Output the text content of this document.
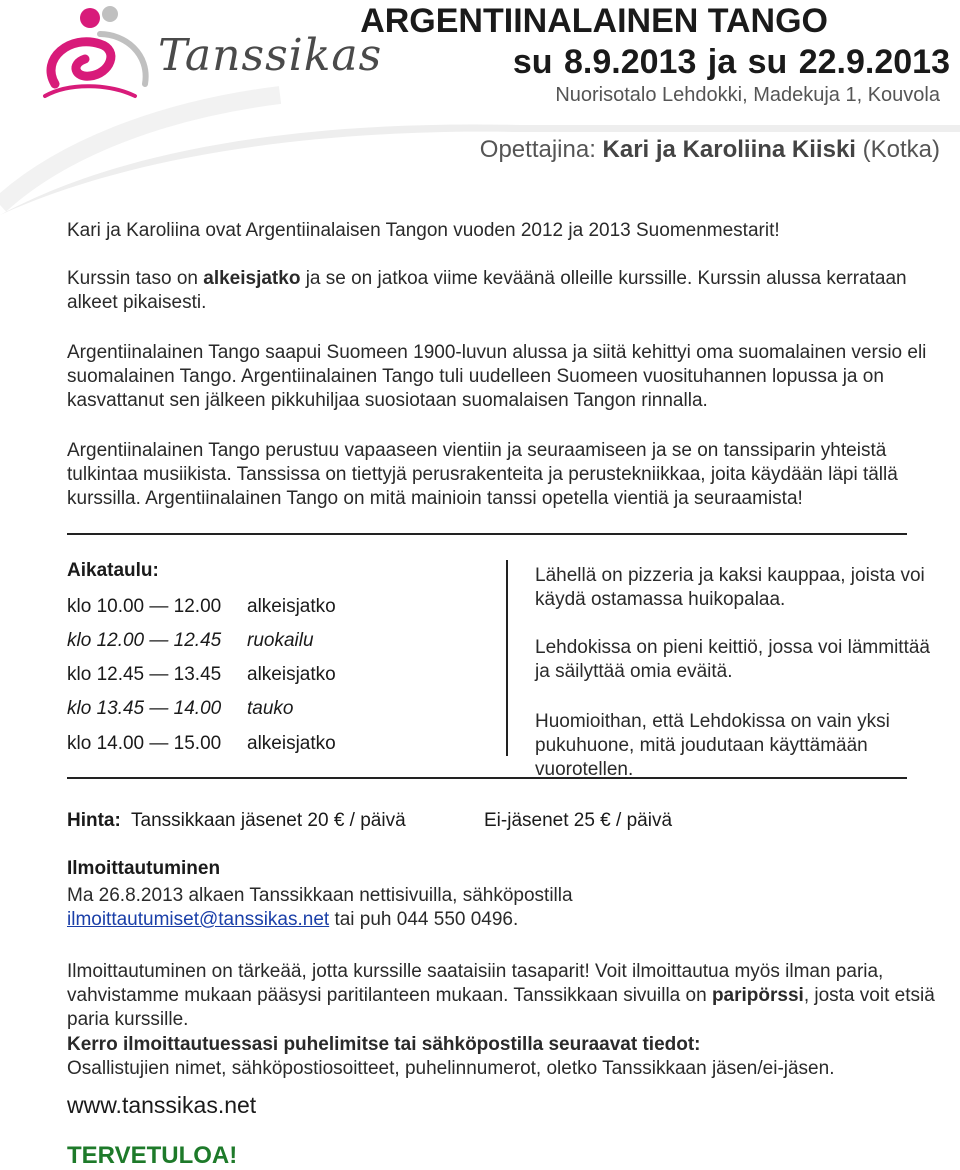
Tanssikas
ARGENTIINALAINEN TANGO
su 8.9.2013 ja su 22.9.2013
Nuorisotalo Lehdokki, Madekuja 1, Kouvola
Opettajina: Kari ja Karoliina Kiiski (Kotka)
Kari ja Karoliina ovat Argentiinalaisen Tangon vuoden 2012 ja 2013 Suomenmestarit!
Kurssin taso on alkeisjatko ja se on jatkoa viime keväänä olleille kurssille. Kurssin alussa kerrataan alkeet pikaisesti.
Argentiinalainen Tango saapui Suomeen 1900-luvun alussa ja siitä kehittyi oma suomalainen versio eli suomalainen Tango. Argentiinalainen Tango tuli uudelleen Suomeen vuosituhannen lopussa ja on kasvattanut sen jälkeen pikkuhiljaa suosiotaan suomalaisen Tangon rinnalla.
Argentiinalainen Tango perustuu vapaaseen vientiin ja seuraamiseen ja se on tanssiparin yhteistä tulkintaa musiikista. Tanssissa on tiettyjä perusrakenteita ja perustekniikkaa, joita käydään läpi tällä kurssilla. Argentiinalainen Tango on mitä mainioin tanssi opetella vientiä ja seuraamista!
Aikataulu:
klo 10.00 — 12.00 alkeisjatko
klo 12.00 — 12.45 ruokailu
klo 12.45 — 13.45 alkeisjatko
klo 13.45 — 14.00 tauko
klo 14.00 — 15.00 alkeisjatko
Lähellä on pizzeria ja kaksi kauppaa, joista voi käydä ostamassa huikopalaa.
Lehdokissa on pieni keittiö, jossa voi lämmittää ja säilyttää omia eväitä.
Huomioithan, että Lehdokissa on vain yksi pukuhuone, mitä joudutaan käyttämään vuorotellen.
Hinta: Tanssikkaan jäsenet 20 € / päivä	Ei-jäsenet 25 € / päivä
Ilmoittautuminen
Ma 26.8.2013 alkaen Tanssikkaan nettisivuilla, sähköpostilla ilmoittautumiset@tanssikas.net tai puh 044 550 0496.
Ilmoittautuminen on tärkeää, jotta kurssille saataisiin tasaparit! Voit ilmoittautua myös ilman paria, vahvistamme mukaan pääsysi paritilanteen mukaan. Tanssikkaan sivuilla on paripörssi, josta voit etsiä paria kurssille.
Kerro ilmoittautuessasi puhelimitse tai sähköpostilla seuraavat tiedot:
Osallistujien nimet, sähköpostiosoitteet, puhelinnumerot, oletko Tanssikkaan jäsen/ei-jäsen.
www.tanssikas.net
TERVETULOA!
